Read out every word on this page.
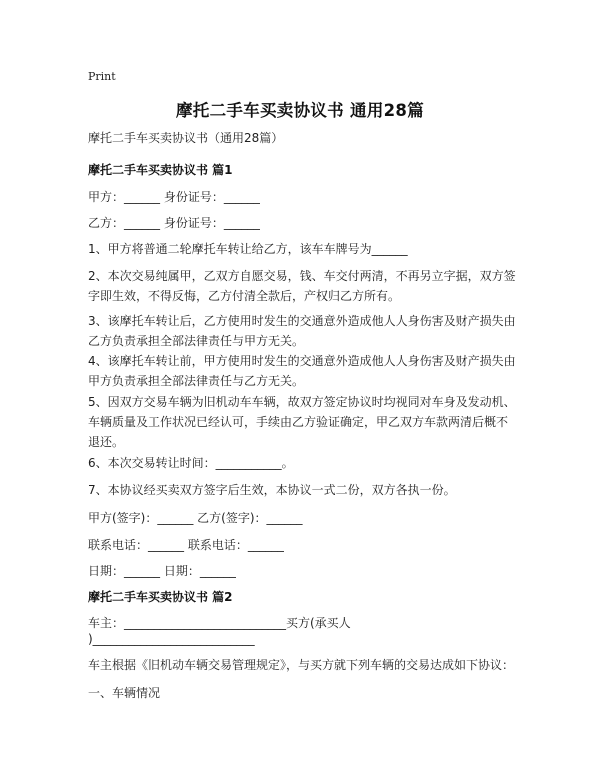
Print
摩托二手车买卖协议书 通用28篇
摩托二手车买卖协议书（通用28篇）
摩托二手车买卖协议书 篇1
甲方：______ 身份证号：______
乙方：______ 身份证号：______
1、甲方将普通二轮摩托车转让给乙方，该车车牌号为______
2、本次交易纯属甲，乙双方自愿交易，钱、车交付两清，不再另立字据，双方签字即生效，不得反悔，乙方付清全款后，产权归乙方所有。
3、该摩托车转让后，乙方使用时发生的交通意外造成他人人身伤害及财产损失由乙方负责承担全部法律责任与甲方无关。
4、该摩托车转让前，甲方使用时发生的交通意外造成他人人身伤害及财产损失由甲方负责承担全部法律责任与乙方无关。
5、因双方交易车辆为旧机动车车辆，故双方签定协议时均视同对车身及发动机、车辆质量及工作状况已经认可，手续由乙方验证确定，甲乙双方车款两清后概不退还。
6、本次交易转让时间：___________。
7、本协议经买卖双方签字后生效，本协议一式二份，双方各执一份。
甲方(签字)：______ 乙方(签字)：______
联系电话：______ 联系电话：______
日期：______ 日期：______
摩托二手车买卖协议书 篇2
车主：___________________________买方(承买人
)___________________________
车主根据《旧机动车辆交易管理规定》，与买方就下列车辆的交易达成如下协议：
一、车辆情况
